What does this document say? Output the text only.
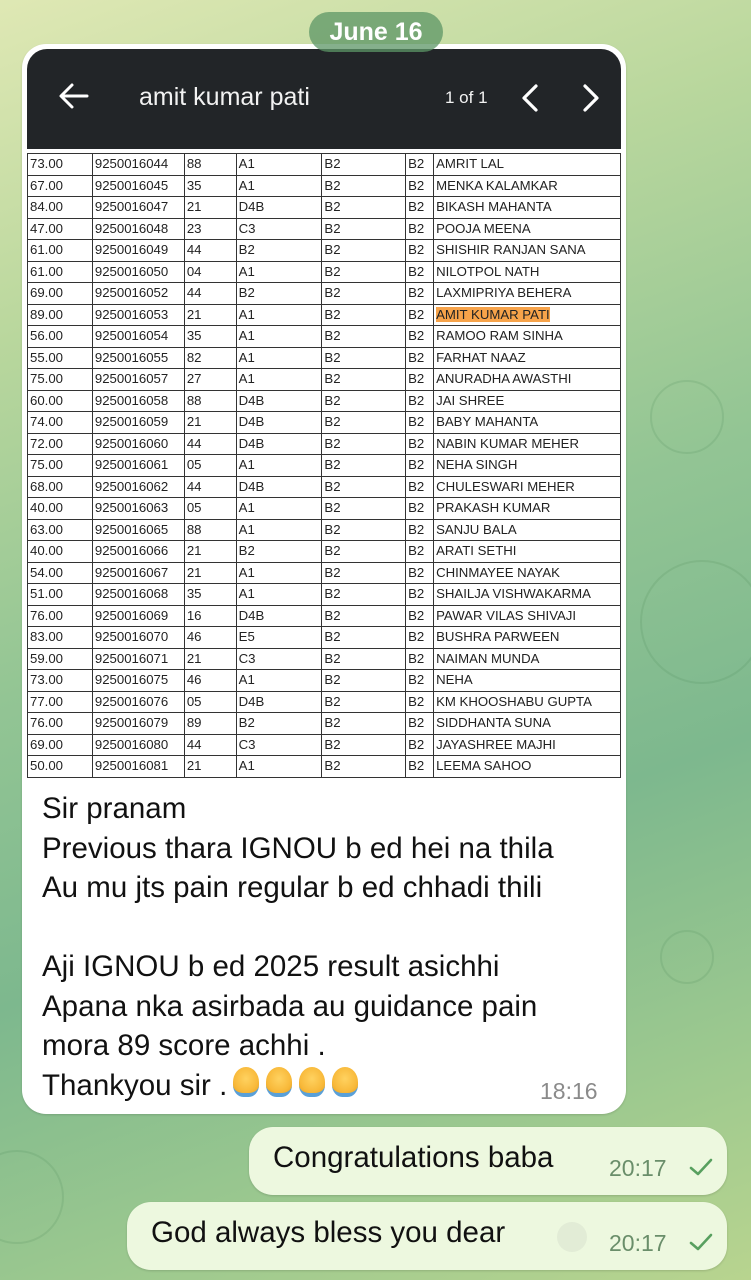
amit kumar pati	1 of 1
73.00	9250016044	88	A1	B2	B2	AMRIT LAL
67.00	9250016045	35	A1	B2	B2	MENKA KALAMKAR
84.00	9250016047	21	D4B	B2	B2	BIKASH MAHANTA
47.00	9250016048	23	C3	B2	B2	POOJA MEENA
61.00	9250016049	44	B2	B2	B2	SHISHIR RANJAN SANA
61.00	9250016050	04	A1	B2	B2	NILOTPOL NATH
69.00	9250016052	44	B2	B2	B2	LAXMIPRIYA BEHERA
89.00	9250016053	21	A1	B2	B2	AMIT KUMAR PATI
56.00	9250016054	35	A1	B2	B2	RAMOO RAM SINHA
55.00	9250016055	82	A1	B2	B2	FARHAT NAAZ
75.00	9250016057	27	A1	B2	B2	ANURADHA AWASTHI
60.00	9250016058	88	D4B	B2	B2	JAI SHREE
74.00	9250016059	21	D4B	B2	B2	BABY MAHANTA
72.00	9250016060	44	D4B	B2	B2	NABIN KUMAR MEHER
75.00	9250016061	05	A1	B2	B2	NEHA SINGH
68.00	9250016062	44	D4B	B2	B2	CHULESWARI MEHER
40.00	9250016063	05	A1	B2	B2	PRAKASH KUMAR
63.00	9250016065	88	A1	B2	B2	SANJU BALA
40.00	9250016066	21	B2	B2	B2	ARATI SETHI
54.00	9250016067	21	A1	B2	B2	CHINMAYEE NAYAK
51.00	9250016068	35	A1	B2	B2	SHAILJA VISHWAKARMA
76.00	9250016069	16	D4B	B2	B2	PAWAR VILAS SHIVAJI
83.00	9250016070	46	E5	B2	B2	BUSHRA PARWEEN
59.00	9250016071	21	C3	B2	B2	NAIMAN MUNDA
73.00	9250016075	46	A1	B2	B2	NEHA
77.00	9250016076	05	D4B	B2	B2	KM KHOOSHABU GUPTA
76.00	9250016079	89	B2	B2	B2	SIDDHANTA SUNA
69.00	9250016080	44	C3	B2	B2	JAYASHREE MAJHI
50.00	9250016081	21	A1	B2	B2	LEEMA SAHOO

Sir pranam

Previous thara IGNOU b ed hei na thila

Au mu jts pain regular b ed chhadi thili

Aji IGNOU b ed 2025 result asichhi

Apana nka asirbada au guidance pain

mora 89 score achhi .

Thankyou sir .	18:16
June 16
Congratulations baba 20:17
God always bless you dear	20:17
